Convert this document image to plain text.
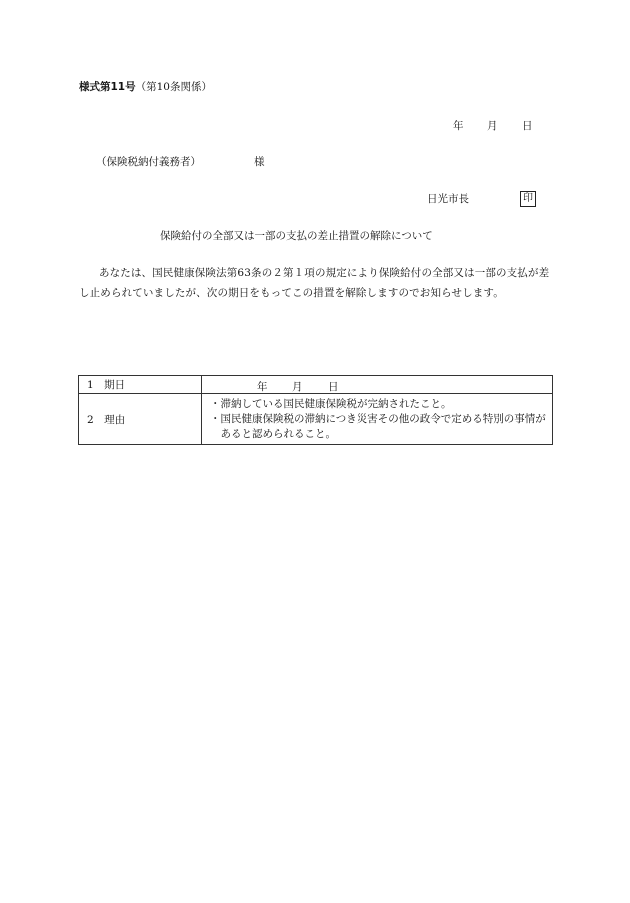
様式第11号（第10条関係）
年 月 日
（保険税納付義務者）	様
日光市長	印
保険給付の全部又は一部の支払の差止措置の解除について
あなたは、国民健康保険法第63条の２第１項の規定により保険給付の全部又は一部の支払が差し止められていましたが、次の期日をもってこの措置を解除しますのでお知らせします。
1　期日	年 月 日

2　理由	・滞納している国民健康保険税が完納されたこと。
・国民健康保険税の滞納につき災害その他の政令で定める特別の事情があると認められること。
